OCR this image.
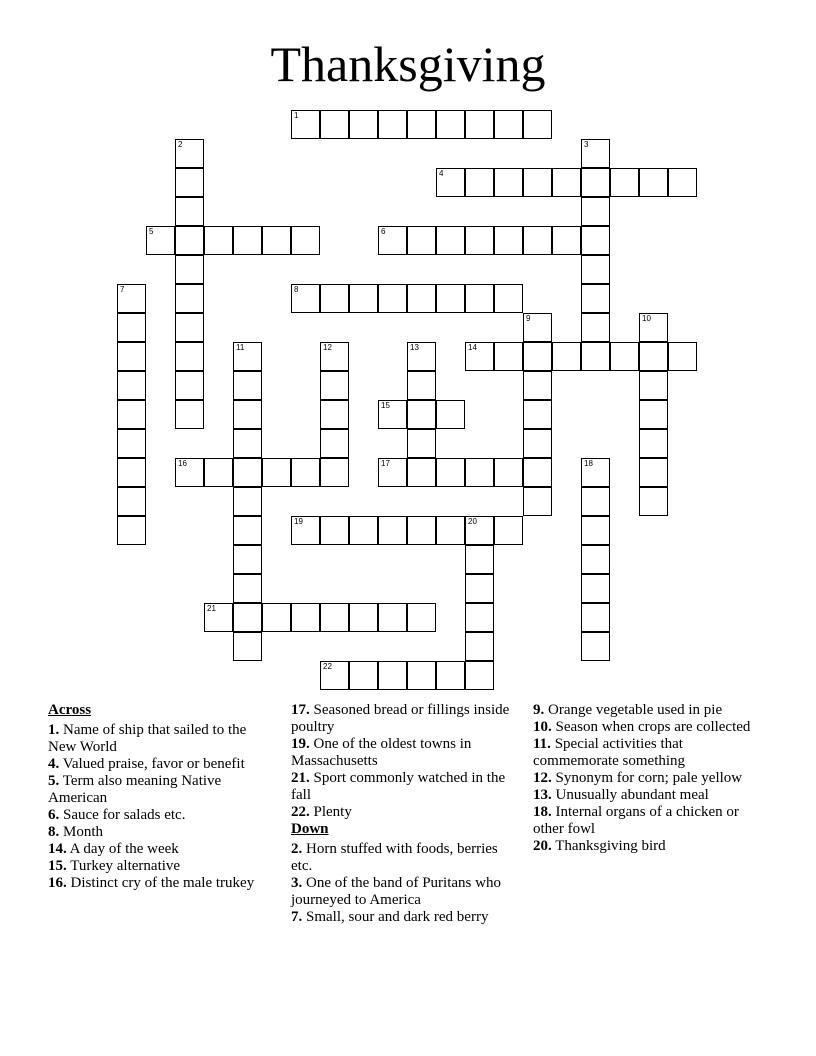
Thanksgiving
1
2	3
4
5	6
7	8
9	10
11	12	13	14
15
16	17	18
19	20
21
22
Across
1. Name of ship that sailed to the New World
4. Valued praise, favor or benefit
5. Term also meaning Native American
6. Sauce for salads etc.
8. Month
14. A day of the week
15. Turkey alternative
16. Distinct cry of the male trukey
17. Seasoned bread or fillings inside poultry
19. One of the oldest towns in Massachusetts
21. Sport commonly watched in the fall
22. Plenty
Down
2. Horn stuffed with foods, berries etc.
3. One of the band of Puritans who journeyed to America
7. Small, sour and dark red berry
9. Orange vegetable used in pie
10. Season when crops are collected
11. Special activities that commemorate something
12. Synonym for corn; pale yellow
13. Unusually abundant meal
18. Internal organs of a chicken or other fowl
20. Thanksgiving bird
